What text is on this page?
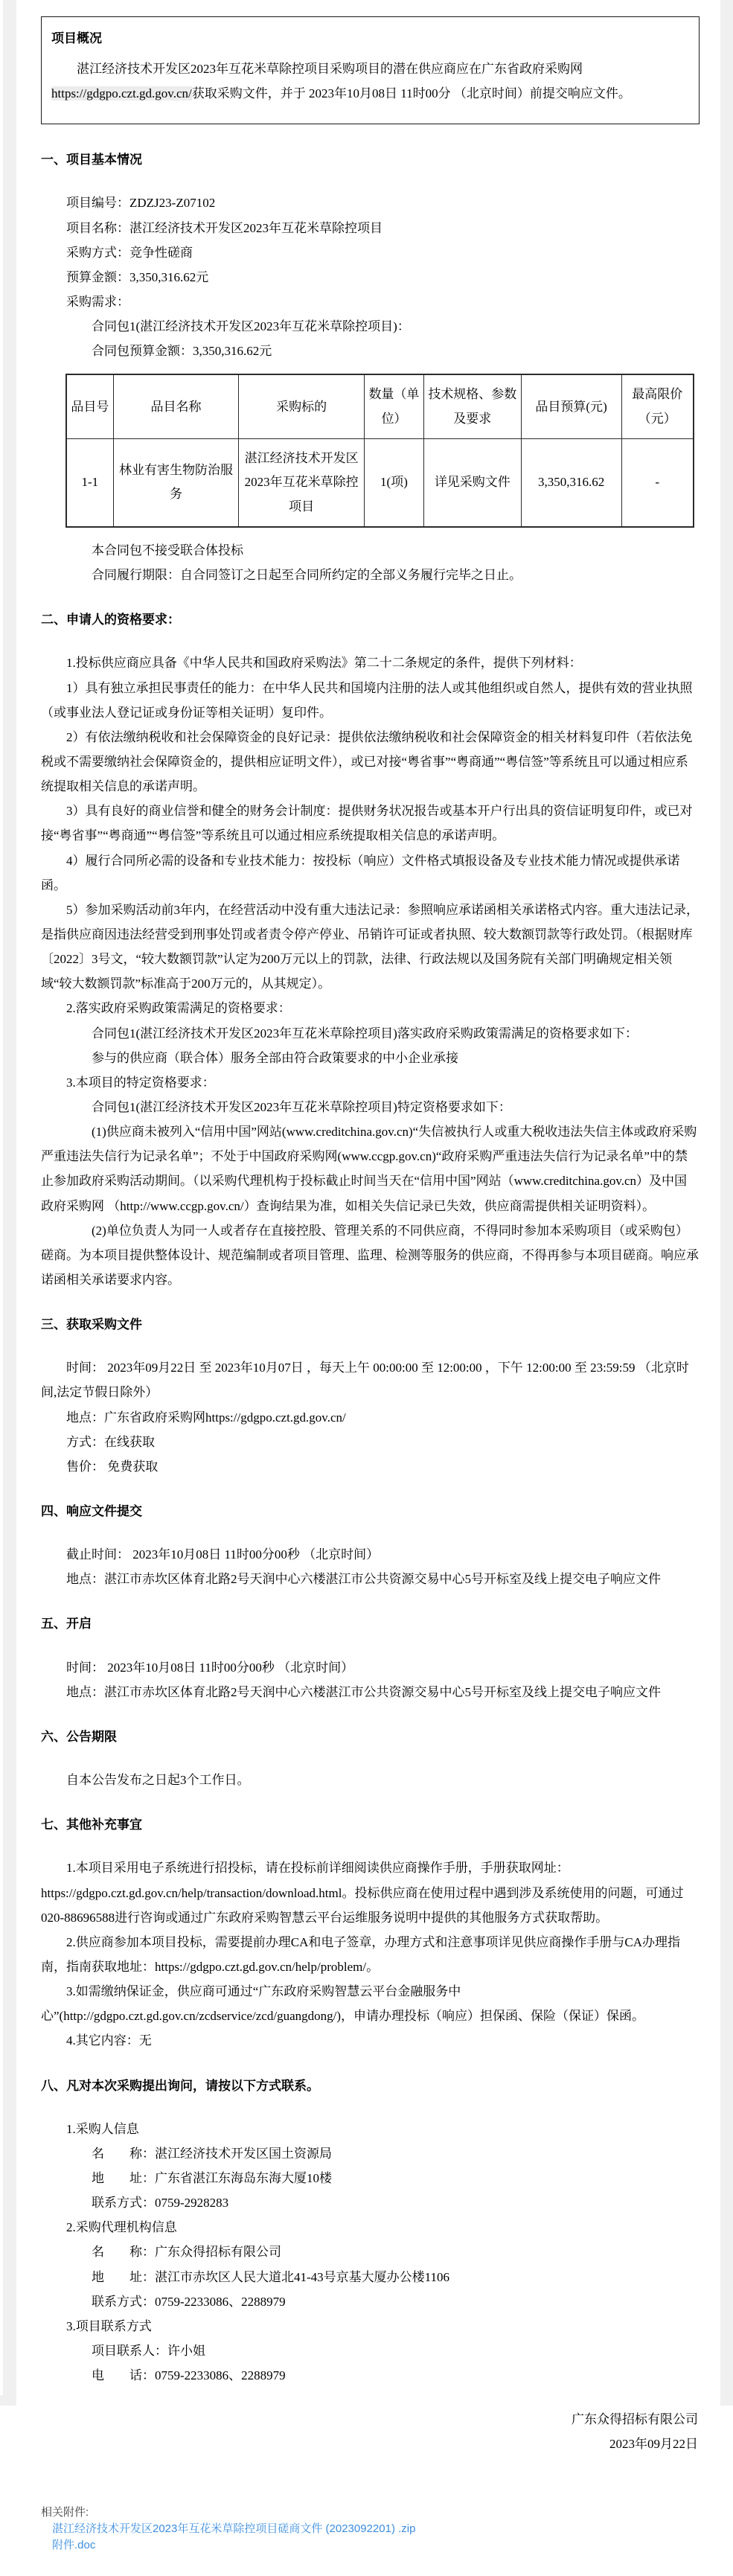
项目概况

湛江经济技术开发区2023年互花米草除控项目采购项目的潜在供应商应在广东省政府采购网https://gdgpo.czt.gd.gov.cn/获取采购文件，并于 2023年10月08日 11时00分 （北京时间）前提交响应文件。

一、项目基本情况

项目编号：ZDZJ23-Z07102

项目名称：湛江经济技术开发区2023年互花米草除控项目

采购方式：竞争性磋商

预算金额：3,350,316.62元

采购需求：

合同包1(湛江经济技术开发区2023年互花米草除控项目)：

合同包预算金额：3,350,316.62元

品目号	品目名称	采购标的	数量（单位）	技术规格、参数及要求	品目预算(元)	最高限价（元）
1-1	林业有害生物防治服务	湛江经济技术开发区2023年互花米草除控项目	1(项)	详见采购文件	3,350,316.62	-

本合同包不接受联合体投标

合同履行期限：自合同签订之日起至合同所约定的全部义务履行完毕之日止。

二、申请人的资格要求：

1.投标供应商应具备《中华人民共和国政府采购法》第二十二条规定的条件，提供下列材料：

1）具有独立承担民事责任的能力：在中华人民共和国境内注册的法人或其他组织或自然人，提供有效的营业执照（或事业法人登记证或身份证等相关证明）复印件。

2）有依法缴纳税收和社会保障资金的良好记录：提供依法缴纳税收和社会保障资金的相关材料复印件（若依法免税或不需要缴纳社会保障资金的，提供相应证明文件），或已对接“粤省事”“粤商通”“粤信签”等系统且可以通过相应系统提取相关信息的承诺声明。

3）具有良好的商业信誉和健全的财务会计制度：提供财务状况报告或基本开户行出具的资信证明复印件，或已对接“粤省事”“粤商通”“粤信签”等系统且可以通过相应系统提取相关信息的承诺声明。

4）履行合同所必需的设备和专业技术能力：按投标（响应）文件格式填报设备及专业技术能力情况或提供承诺函。

5）参加采购活动前3年内，在经营活动中没有重大违法记录：参照响应承诺函相关承诺格式内容。重大违法记录，是指供应商因违法经营受到刑事处罚或者责令停产停业、吊销许可证或者执照、较大数额罚款等行政处罚。（根据财库〔2022〕3号文，“较大数额罚款”认定为200万元以上的罚款，法律、行政法规以及国务院有关部门明确规定相关领域“较大数额罚款”标准高于200万元的，从其规定）。

2.落实政府采购政策需满足的资格要求：

合同包1(湛江经济技术开发区2023年互花米草除控项目)落实政府采购政策需满足的资格要求如下：

参与的供应商（联合体）服务全部由符合政策要求的中小企业承接

3.本项目的特定资格要求：

合同包1(湛江经济技术开发区2023年互花米草除控项目)特定资格要求如下：

(1)供应商未被列入“信用中国”网站(www.creditchina.gov.cn)“失信被执行人或重大税收违法失信主体或政府采购严重违法失信行为记录名单”；不处于中国政府采购网(www.ccgp.gov.cn)“政府采购严重违法失信行为记录名单”中的禁止参加政府采购活动期间。（以采购代理机构于投标截止时间当天在“信用中国”网站（www.creditchina.gov.cn）及中国政府采购网 （http://www.ccgp.gov.cn/）查询结果为准，如相关失信记录已失效，供应商需提供相关证明资料）。

(2)单位负责人为同一人或者存在直接控股、管理关系的不同供应商，不得同时参加本采购项目（或采购包）磋商。为本项目提供整体设计、规范编制或者项目管理、监理、检测等服务的供应商，不得再参与本项目磋商。响应承诺函相关承诺要求内容。

三、获取采购文件

时间： 2023年09月22日 至 2023年10月07日 ，每天上午 00:00:00 至 12:00:00 ，下午 12:00:00 至 23:59:59 （北京时间,法定节假日除外）

地点：广东省政府采购网https://gdgpo.czt.gd.gov.cn/

方式：在线获取

售价： 免费获取

四、响应文件提交

截止时间： 2023年10月08日 11时00分00秒 （北京时间）

地点：湛江市赤坎区体育北路2号天润中心六楼湛江市公共资源交易中心5号开标室及线上提交电子响应文件

五、开启

时间： 2023年10月08日 11时00分00秒 （北京时间）

地点：湛江市赤坎区体育北路2号天润中心六楼湛江市公共资源交易中心5号开标室及线上提交电子响应文件

六、公告期限

自本公告发布之日起3个工作日。

七、其他补充事宜

1.本项目采用电子系统进行招投标，请在投标前详细阅读供应商操作手册，手册获取网址：https://gdgpo.czt.gd.gov.cn/help/transaction/download.html。投标供应商在使用过程中遇到涉及系统使用的问题，可通过020-88696588进行咨询或通过广东政府采购智慧云平台运维服务说明中提供的其他服务方式获取帮助。

2.供应商参加本项目投标，需要提前办理CA和电子签章，办理方式和注意事项详见供应商操作手册与CA办理指南，指南获取地址：https://gdgpo.czt.gd.gov.cn/help/problem/。

3.如需缴纳保证金，供应商可通过“广东政府采购智慧云平台金融服务中心”(http://gdgpo.czt.gd.gov.cn/zcdservice/zcd/guangdong/)，申请办理投标（响应）担保函、保险（保证）保函。

4.其它内容：无

八、凡对本次采购提出询问，请按以下方式联系。

1.采购人信息

名　　称：湛江经济技术开发区国土资源局

地　　址：广东省湛江东海岛东海大厦10楼

联系方式：0759-2928283

2.采购代理机构信息

名　　称：广东众得招标有限公司

地　　址：湛江市赤坎区人民大道北41-43号京基大厦办公楼1106

联系方式：0759-2233086、2288979

3.项目联系方式

项目联系人：许小姐

电　　话：0759-2233086、2288979

广东众得招标有限公司

2023年09月22日

相关附件:
湛江经济技术开发区2023年互花米草除控项目磋商文件 (2023092201) .zip
附件.doc
